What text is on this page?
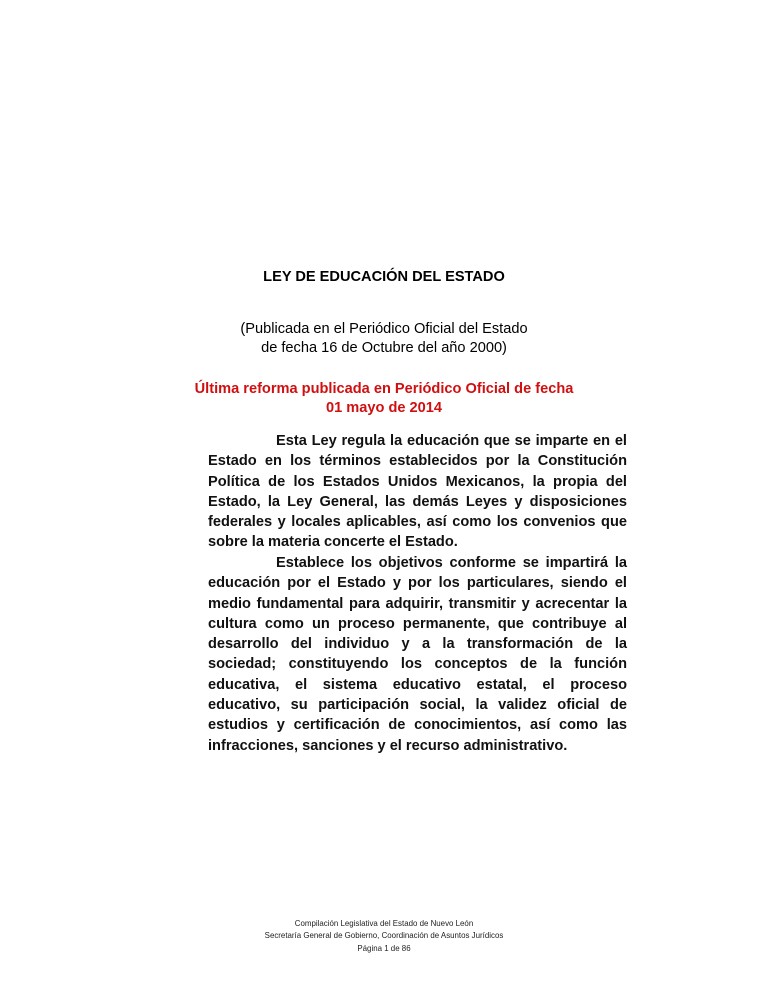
LEY DE EDUCACIÓN DEL ESTADO
(Publicada en el Periódico Oficial del Estado
de fecha 16 de Octubre del año 2000)
Última reforma publicada en Periódico Oficial de fecha
01 mayo de 2014
Esta Ley regula la educación que se imparte en el Estado en los términos establecidos por la Constitución Política de los Estados Unidos Mexicanos, la propia del Estado, la Ley General, las demás Leyes y disposiciones federales y locales aplicables, así como los convenios que sobre la materia concerte el Estado.
Establece los objetivos conforme se impartirá la educación por el Estado y por los particulares, siendo el medio fundamental para adquirir, transmitir y acrecentar la cultura como un proceso permanente, que contribuye al desarrollo del individuo y a la transformación de la sociedad; constituyendo los conceptos de la función educativa, el sistema educativo estatal, el proceso educativo, su participación social, la validez oficial de estudios y certificación de conocimientos, así como las infracciones, sanciones y el recurso administrativo.
Compilación Legislativa del Estado de Nuevo León
Secretaría General de Gobierno, Coordinación de Asuntos Jurídicos
Página 1 de 86
